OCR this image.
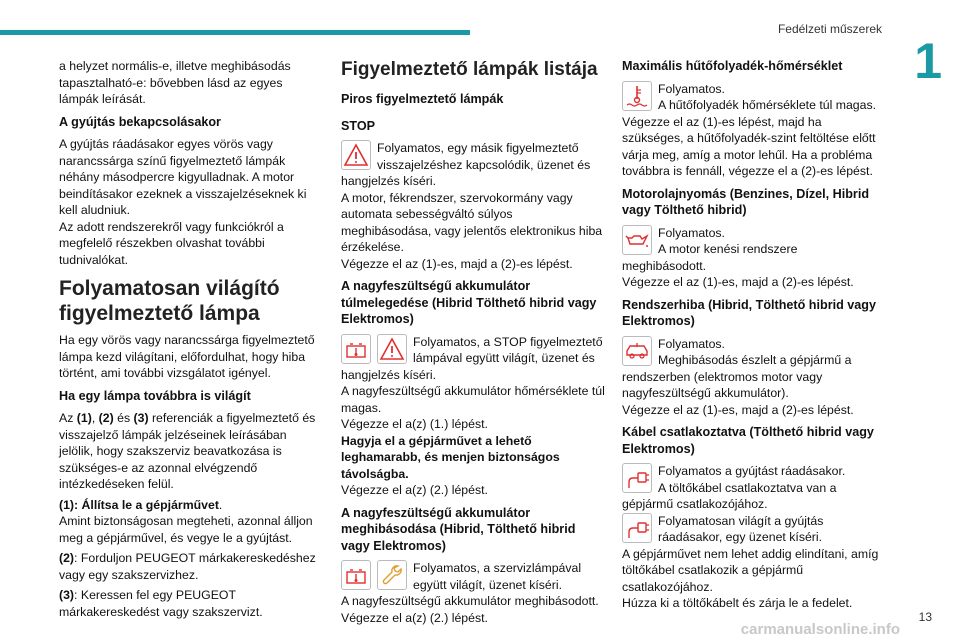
Fedélzeti műszerek
1
13
carmanualsonline.info

a helyzet normális-e, illetve meghibásodás tapasztalható-e: bővebben lásd az egyes lámpák leírását.

A gyújtás bekapcsolásakor

A gyújtás ráadásakor egyes vörös vagy narancssárga színű figyelmeztető lámpák néhány másodpercre kigyulladnak. A motor beindításakor ezeknek a visszajelzéseknek ki kell aludniuk.
Az adott rendszerekről vagy funkciókról a megfelelő részekben olvashat további tudnivalókat.

Folyamatosan világító figyelmeztető lámpa

Ha egy vörös vagy narancssárga figyelmeztető lámpa kezd világítani, előfordulhat, hogy hiba történt, ami további vizsgálatot igényel.

Ha egy lámpa továbbra is világít

Az (1), (2) és (3) referenciák a figyelmeztető és visszajelző lámpák jelzéseinek leírásában jelölik, hogy szakszerviz beavatkozása is szükséges-e az azonnal elvégzendő intézkedéseken felül.

(1): Állítsa le a gépjárművet.
Amint biztonságosan megteheti, azonnal álljon meg a gépjárművel, és vegye le a gyújtást.

(2): Forduljon PEUGEOT márkakereskedéshez vagy egy szakszervizhez.

(3): Keressen fel egy PEUGEOT márkakereskedést vagy szakszervizt.

Figyelmeztető lámpák listája
Piros figyelmeztető lámpák
STOP
Folyamatos, egy másik figyelmeztető visszajelzéshez kapcsolódik, üzenet és hangjelzés kíséri.
A motor, fékrendszer, szervokormány vagy automata sebességváltó súlyos meghibásodása, vagy jelentős elektronikus hiba érzékelése.
Végezze el az (1)-es, majd a (2)-es lépést.
A nagyfeszültségű akkumulátor túlmelegedése (Hibrid Tölthető hibrid vagy Elektromos)
Folyamatos, a STOP figyelmeztető lámpával együtt világít, üzenet és hangjelzés kíséri.
A nagyfeszültségű akkumulátor hőmérséklete túl magas.
Végezze el a(z) (1.) lépést.
Hagyja el a gépjárművet a lehető leghamarabb, és menjen biztonságos távolságba.
Végezze el a(z) (2.) lépést.
A nagyfeszültségű akkumulátor meghibásodása (Hibrid, Tölthető hibrid vagy Elektromos)
Folyamatos, a szervizlámpával együtt világít, üzenet kíséri.
A nagyfeszültségű akkumulátor meghibásodott.
Végezze el a(z) (2.) lépést.
Maximális hűtőfolyadék-hőmérséklet
Folyamatos.
A hűtőfolyadék hőmérséklete túl magas.
Végezze el az (1)-es lépést, majd ha szükséges, a hűtőfolyadék-szint feltöltése előtt várja meg, amíg a motor lehűl. Ha a probléma továbbra is fennáll, végezze el a (2)-es lépést.
Motorolajnyomás (Benzines, Dízel, Hibrid vagy Tölthető hibrid)
Folyamatos.
A motor kenési rendszere meghibásodott.
Végezze el az (1)-es, majd a (2)-es lépést.
Rendszerhiba (Hibrid, Tölthető hibrid vagy Elektromos)
Folyamatos.
Meghibásodás észlelt a gépjármű a rendszerben (elektromos motor vagy nagyfeszültségű akkumulátor).
Végezze el az (1)-es, majd a (2)-es lépést.
Kábel csatlakoztatva (Tölthető hibrid vagy Elektromos)
Folyamatos a gyújtást ráadásakor.
A töltőkábel csatlakoztatva van a gépjármű csatlakozójához.
Folyamatosan világít a gyújtás ráadásakor, egy üzenet kíséri.
A gépjárművet nem lehet addig elindítani, amíg töltőkábel csatlakozik a gépjármű csatlakozójához.
Húzza ki a töltőkábelt és zárja le a fedelet.
